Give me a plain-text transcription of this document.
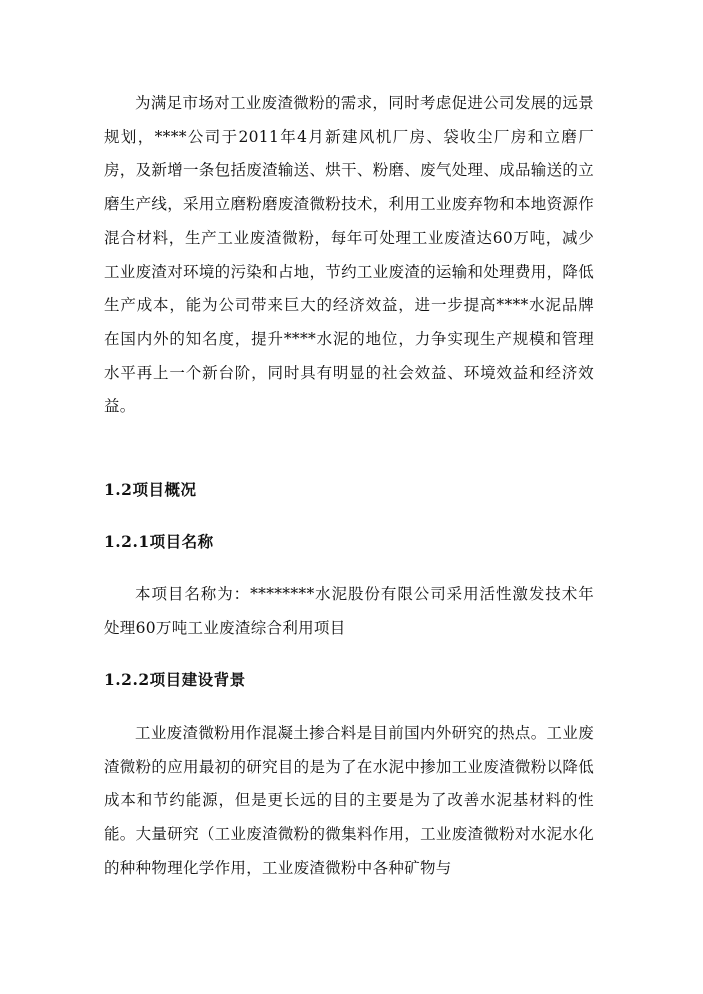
为满足市场对工业废渣微粉的需求，同时考虑促进公司发展的远景规划，****公司于2011年4月新建风机厂房、袋收尘厂房和立磨厂房，及新增一条包括废渣输送、烘干、粉磨、废气处理、成品输送的立磨生产线，采用立磨粉磨废渣微粉技术，利用工业废弃物和本地资源作混合材料，生产工业废渣微粉，每年可处理工业废渣达60万吨，减少工业废渣对环境的污染和占地，节约工业废渣的运输和处理费用，降低生产成本，能为公司带来巨大的经济效益，进一步提高****水泥品牌在国内外的知名度，提升****水泥的地位，力争实现生产规模和管理水平再上一个新台阶，同时具有明显的社会效益、环境效益和经济效益。

1.2项目概况
1.2.1项目名称

本项目名称为：********水泥股份有限公司采用活性激发技术年处理60万吨工业废渣综合利用项目

1.2.2项目建设背景

工业废渣微粉用作混凝土掺合料是目前国内外研究的热点。工业废渣微粉的应用最初的研究目的是为了在水泥中掺加工业废渣微粉以降低成本和节约能源，但是更长远的目的主要是为了改善水泥基材料的性能。大量研究（工业废渣微粉的微集料作用，工业废渣微粉对水泥水化的种种物理化学作用，工业废渣微粉中各种矿物与
